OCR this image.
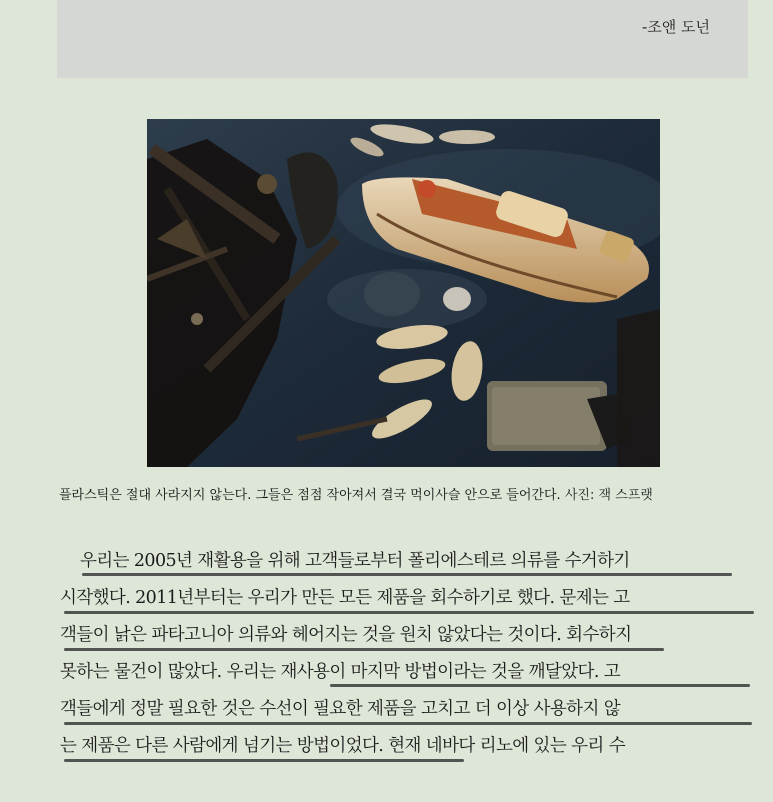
-조앤 도넌
플라스틱은 절대 사라지지 않는다. 그들은 점점 작아져서 결국 먹이사슬 안으로 들어간다. 사진: 잭 스프랫
우리는 2005년 재활용을 위해 고객들로부터 폴리에스테르 의류를 수거하기
시작했다. 2011년부터는 우리가 만든 모든 제품을 회수하기로 했다. 문제는 고
객들이 낡은 파타고니아 의류와 헤어지는 것을 원치 않았다는 것이다. 회수하지
못하는 물건이 많았다. 우리는 재사용이 마지막 방법이라는 것을 깨달았다. 고
객들에게 정말 필요한 것은 수선이 필요한 제품을 고치고 더 이상 사용하지 않
는 제품은 다른 사람에게 넘기는 방법이었다. 현재 네바다 리노에 있는 우리 수
